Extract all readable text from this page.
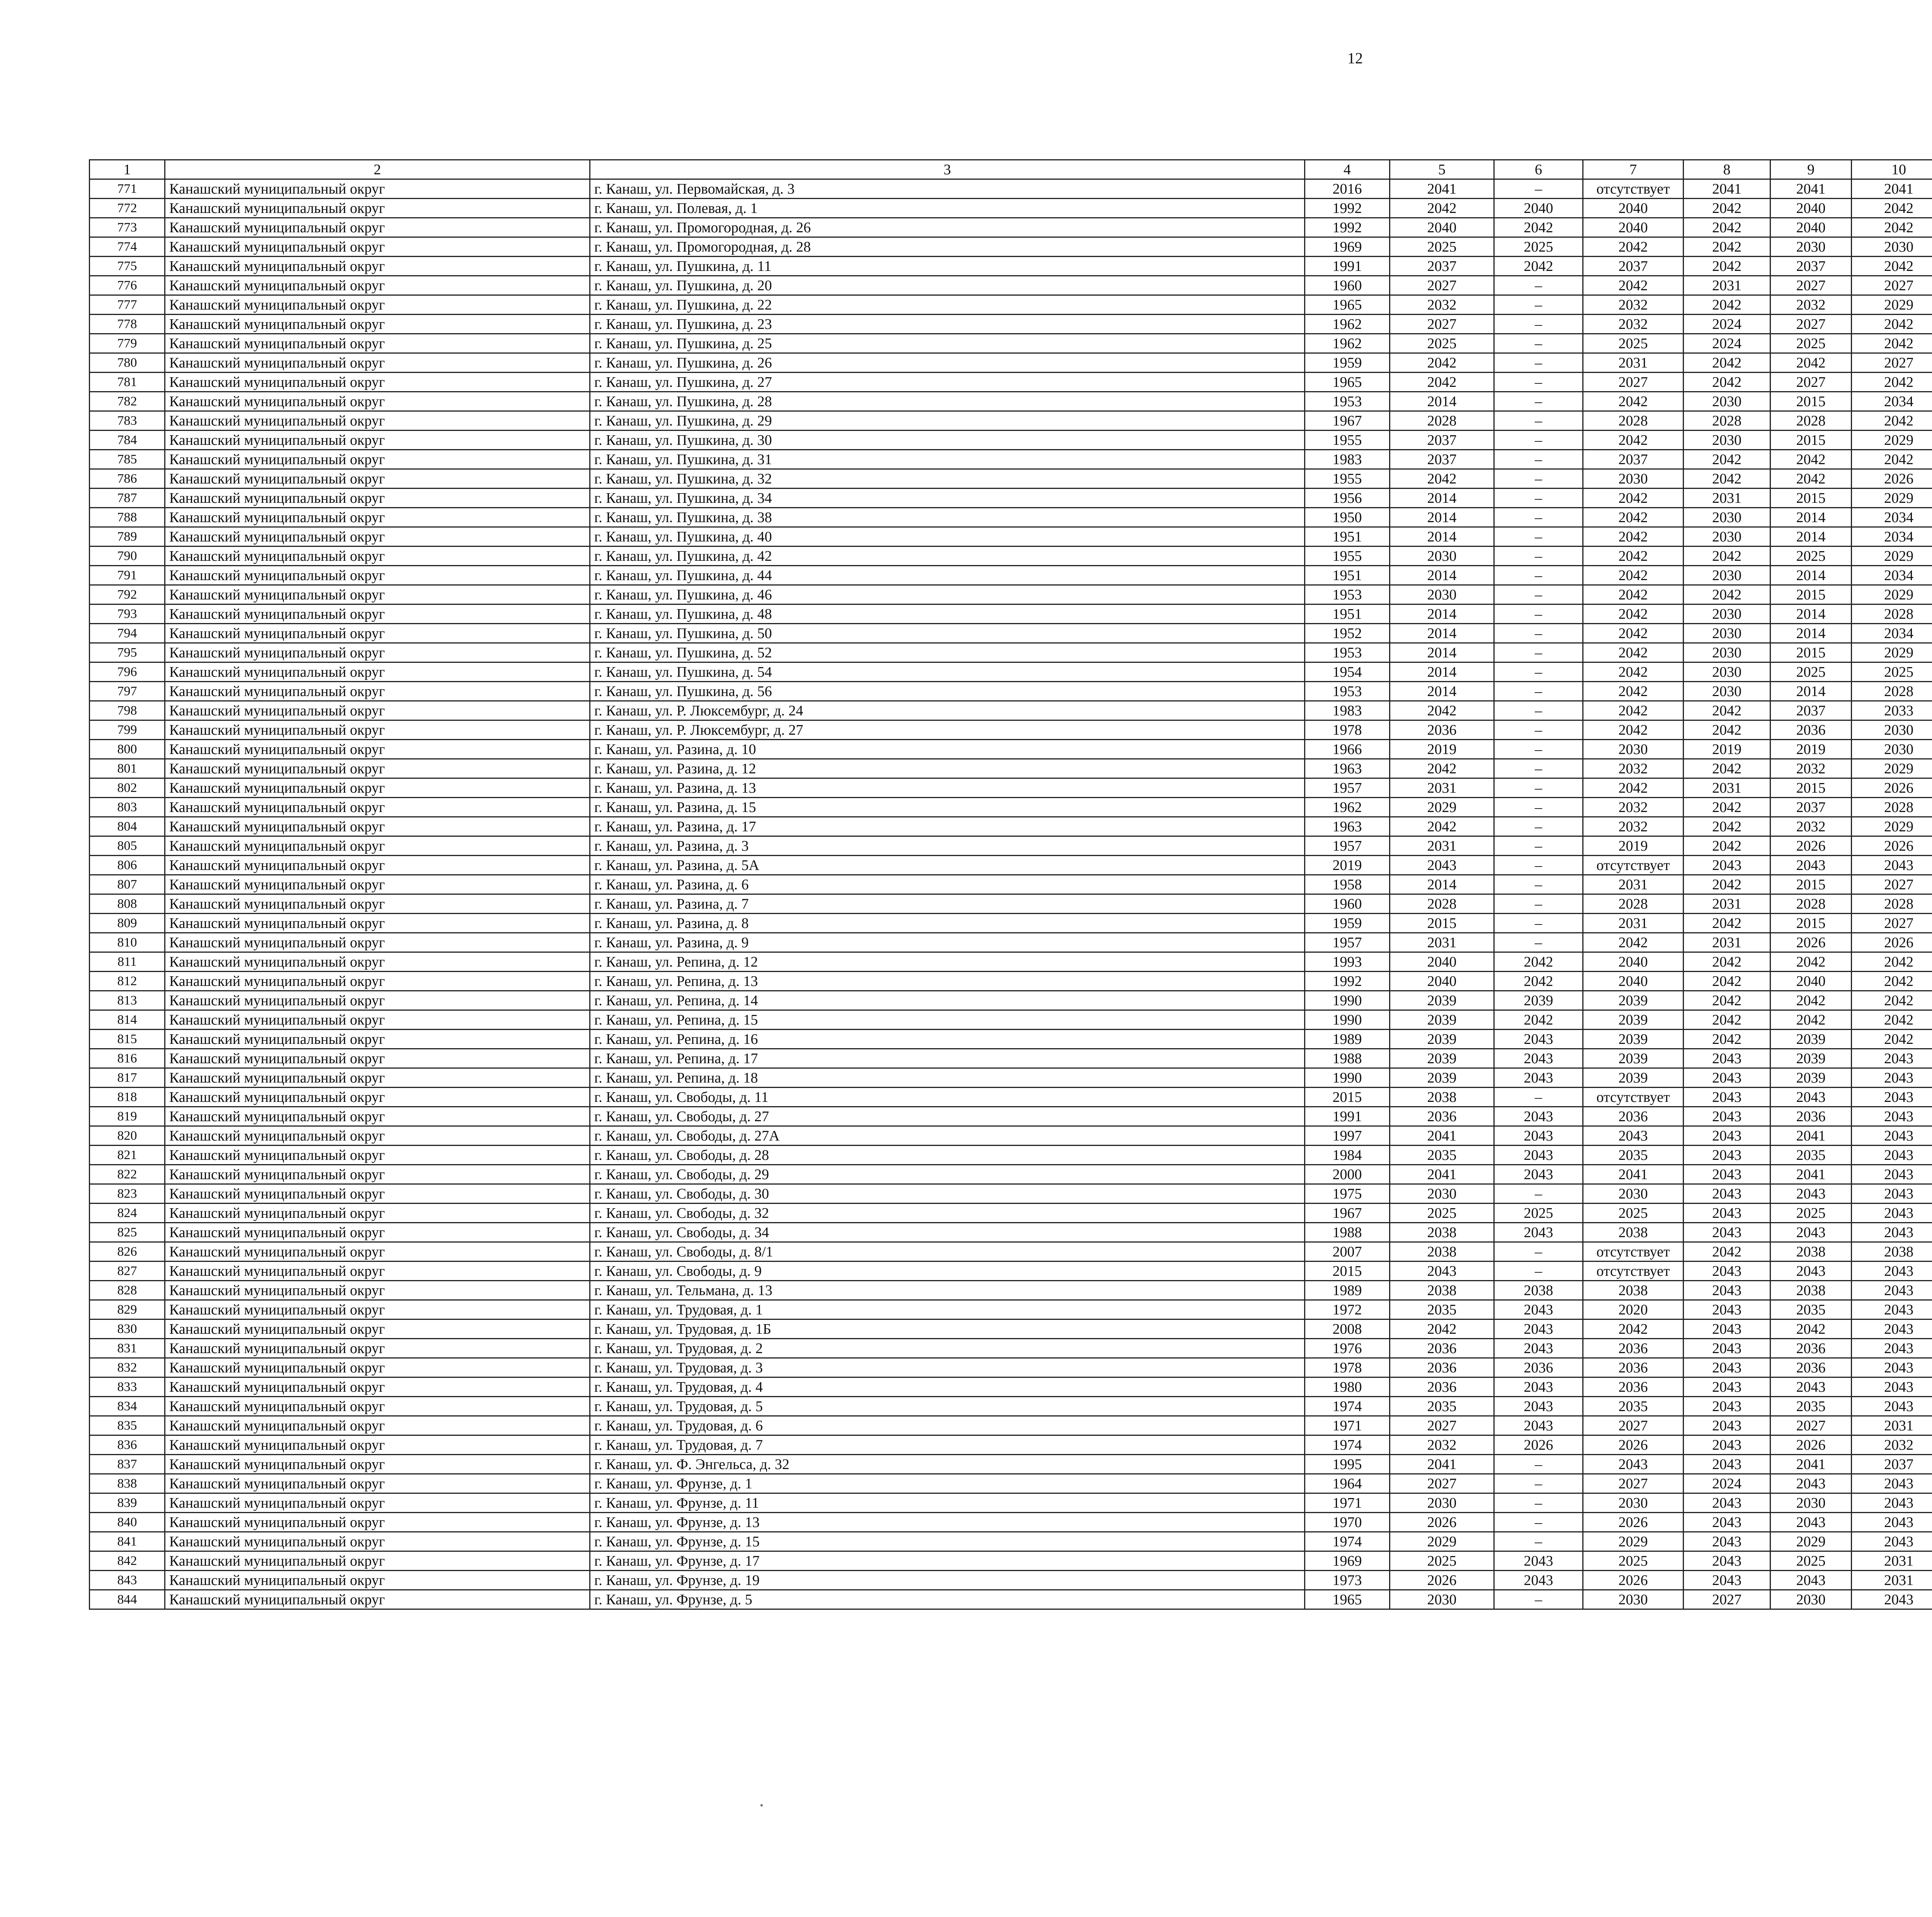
12
1	2	3	4	5	6	7	8	9	10							
771	Канашский муниципальный округ	г. Канаш, ул. Первомайская, д. 3	2016	2041	–	отсутствует	2041	2041	2041							
772	Канашский муниципальный округ	г. Канаш, ул. Полевая, д. 1	1992	2042	2040	2040	2042	2040	2042							
773	Канашский муниципальный округ	г. Канаш, ул. Промогородная, д. 26	1992	2040	2042	2040	2042	2040	2042							
774	Канашский муниципальный округ	г. Канаш, ул. Промогородная, д. 28	1969	2025	2025	2042	2042	2030	2030							
775	Канашский муниципальный округ	г. Канаш, ул. Пушкина, д. 11	1991	2037	2042	2037	2042	2037	2042							
776	Канашский муниципальный округ	г. Канаш, ул. Пушкина, д. 20	1960	2027	–	2042	2031	2027	2027							
777	Канашский муниципальный округ	г. Канаш, ул. Пушкина, д. 22	1965	2032	–	2032	2042	2032	2029							
778	Канашский муниципальный округ	г. Канаш, ул. Пушкина, д. 23	1962	2027	–	2032	2024	2027	2042							
779	Канашский муниципальный округ	г. Канаш, ул. Пушкина, д. 25	1962	2025	–	2025	2024	2025	2042							
780	Канашский муниципальный округ	г. Канаш, ул. Пушкина, д. 26	1959	2042	–	2031	2042	2042	2027							
781	Канашский муниципальный округ	г. Канаш, ул. Пушкина, д. 27	1965	2042	–	2027	2042	2027	2042							
782	Канашский муниципальный округ	г. Канаш, ул. Пушкина, д. 28	1953	2014	–	2042	2030	2015	2034							
783	Канашский муниципальный округ	г. Канаш, ул. Пушкина, д. 29	1967	2028	–	2028	2028	2028	2042							
784	Канашский муниципальный округ	г. Канаш, ул. Пушкина, д. 30	1955	2037	–	2042	2030	2015	2029							
785	Канашский муниципальный округ	г. Канаш, ул. Пушкина, д. 31	1983	2037	–	2037	2042	2042	2042							
786	Канашский муниципальный округ	г. Канаш, ул. Пушкина, д. 32	1955	2042	–	2030	2042	2042	2026							
787	Канашский муниципальный округ	г. Канаш, ул. Пушкина, д. 34	1956	2014	–	2042	2031	2015	2029							
788	Канашский муниципальный округ	г. Канаш, ул. Пушкина, д. 38	1950	2014	–	2042	2030	2014	2034							
789	Канашский муниципальный округ	г. Канаш, ул. Пушкина, д. 40	1951	2014	–	2042	2030	2014	2034							
790	Канашский муниципальный округ	г. Канаш, ул. Пушкина, д. 42	1955	2030	–	2042	2042	2025	2029							
791	Канашский муниципальный округ	г. Канаш, ул. Пушкина, д. 44	1951	2014	–	2042	2030	2014	2034							
792	Канашский муниципальный округ	г. Канаш, ул. Пушкина, д. 46	1953	2030	–	2042	2042	2015	2029							
793	Канашский муниципальный округ	г. Канаш, ул. Пушкина, д. 48	1951	2014	–	2042	2030	2014	2028							
794	Канашский муниципальный округ	г. Канаш, ул. Пушкина, д. 50	1952	2014	–	2042	2030	2014	2034							
795	Канашский муниципальный округ	г. Канаш, ул. Пушкина, д. 52	1953	2014	–	2042	2030	2015	2029							
796	Канашский муниципальный округ	г. Канаш, ул. Пушкина, д. 54	1954	2014	–	2042	2030	2025	2025							
797	Канашский муниципальный округ	г. Канаш, ул. Пушкина, д. 56	1953	2014	–	2042	2030	2014	2028							
798	Канашский муниципальный округ	г. Канаш, ул. Р. Люксембург, д. 24	1983	2042	–	2042	2042	2037	2033							
799	Канашский муниципальный округ	г. Канаш, ул. Р. Люксембург, д. 27	1978	2036	–	2042	2042	2036	2030							
800	Канашский муниципальный округ	г. Канаш, ул. Разина, д. 10	1966	2019	–	2030	2019	2019	2030							
801	Канашский муниципальный округ	г. Канаш, ул. Разина, д. 12	1963	2042	–	2032	2042	2032	2029							
802	Канашский муниципальный округ	г. Канаш, ул. Разина, д. 13	1957	2031	–	2042	2031	2015	2026							
803	Канашский муниципальный округ	г. Канаш, ул. Разина, д. 15	1962	2029	–	2032	2042	2037	2028							
804	Канашский муниципальный округ	г. Канаш, ул. Разина, д. 17	1963	2042	–	2032	2042	2032	2029							
805	Канашский муниципальный округ	г. Канаш, ул. Разина, д. 3	1957	2031	–	2019	2042	2026	2026							
806	Канашский муниципальный округ	г. Канаш, ул. Разина, д. 5А	2019	2043	–	отсутствует	2043	2043	2043							
807	Канашский муниципальный округ	г. Канаш, ул. Разина, д. 6	1958	2014	–	2031	2042	2015	2027							
808	Канашский муниципальный округ	г. Канаш, ул. Разина, д. 7	1960	2028	–	2028	2031	2028	2028							
809	Канашский муниципальный округ	г. Канаш, ул. Разина, д. 8	1959	2015	–	2031	2042	2015	2027							
810	Канашский муниципальный округ	г. Канаш, ул. Разина, д. 9	1957	2031	–	2042	2031	2026	2026							
811	Канашский муниципальный округ	г. Канаш, ул. Репина, д. 12	1993	2040	2042	2040	2042	2042	2042							
812	Канашский муниципальный округ	г. Канаш, ул. Репина, д. 13	1992	2040	2042	2040	2042	2040	2042							
813	Канашский муниципальный округ	г. Канаш, ул. Репина, д. 14	1990	2039	2039	2039	2042	2042	2042							
814	Канашский муниципальный округ	г. Канаш, ул. Репина, д. 15	1990	2039	2042	2039	2042	2042	2042							
815	Канашский муниципальный округ	г. Канаш, ул. Репина, д. 16	1989	2039	2043	2039	2042	2039	2042							
816	Канашский муниципальный округ	г. Канаш, ул. Репина, д. 17	1988	2039	2043	2039	2043	2039	2043							
817	Канашский муниципальный округ	г. Канаш, ул. Репина, д. 18	1990	2039	2043	2039	2043	2039	2043							
818	Канашский муниципальный округ	г. Канаш, ул. Свободы, д. 11	2015	2038	–	отсутствует	2043	2043	2043							
819	Канашский муниципальный округ	г. Канаш, ул. Свободы, д. 27	1991	2036	2043	2036	2043	2036	2043							
820	Канашский муниципальный округ	г. Канаш, ул. Свободы, д. 27А	1997	2041	2043	2043	2043	2041	2043							
821	Канашский муниципальный округ	г. Канаш, ул. Свободы, д. 28	1984	2035	2043	2035	2043	2035	2043							
822	Канашский муниципальный округ	г. Канаш, ул. Свободы, д. 29	2000	2041	2043	2041	2043	2041	2043							
823	Канашский муниципальный округ	г. Канаш, ул. Свободы, д. 30	1975	2030	–	2030	2043	2043	2043							
824	Канашский муниципальный округ	г. Канаш, ул. Свободы, д. 32	1967	2025	2025	2025	2043	2025	2043							
825	Канашский муниципальный округ	г. Канаш, ул. Свободы, д. 34	1988	2038	2043	2038	2043	2043	2043							
826	Канашский муниципальный округ	г. Канаш, ул. Свободы, д. 8/1	2007	2038	–	отсутствует	2042	2038	2038							
827	Канашский муниципальный округ	г. Канаш, ул. Свободы, д. 9	2015	2043	–	отсутствует	2043	2043	2043							
828	Канашский муниципальный округ	г. Канаш, ул. Тельмана, д. 13	1989	2038	2038	2038	2043	2038	2043							
829	Канашский муниципальный округ	г. Канаш, ул. Трудовая, д. 1	1972	2035	2043	2020	2043	2035	2043							
830	Канашский муниципальный округ	г. Канаш, ул. Трудовая, д. 1Б	2008	2042	2043	2042	2043	2042	2043							
831	Канашский муниципальный округ	г. Канаш, ул. Трудовая, д. 2	1976	2036	2043	2036	2043	2036	2043							
832	Канашский муниципальный округ	г. Канаш, ул. Трудовая, д. 3	1978	2036	2036	2036	2043	2036	2043							
833	Канашский муниципальный округ	г. Канаш, ул. Трудовая, д. 4	1980	2036	2043	2036	2043	2043	2043							
834	Канашский муниципальный округ	г. Канаш, ул. Трудовая, д. 5	1974	2035	2043	2035	2043	2035	2043							
835	Канашский муниципальный округ	г. Канаш, ул. Трудовая, д. 6	1971	2027	2043	2027	2043	2027	2031							
836	Канашский муниципальный округ	г. Канаш, ул. Трудовая, д. 7	1974	2032	2026	2026	2043	2026	2032							
837	Канашский муниципальный округ	г. Канаш, ул. Ф. Энгельса, д. 32	1995	2041	–	2043	2043	2041	2037							
838	Канашский муниципальный округ	г. Канаш, ул. Фрунзе, д. 1	1964	2027	–	2027	2024	2043	2043							
839	Канашский муниципальный округ	г. Канаш, ул. Фрунзе, д. 11	1971	2030	–	2030	2043	2030	2043							
840	Канашский муниципальный округ	г. Канаш, ул. Фрунзе, д. 13	1970	2026	–	2026	2043	2043	2043							
841	Канашский муниципальный округ	г. Канаш, ул. Фрунзе, д. 15	1974	2029	–	2029	2043	2029	2043							
842	Канашский муниципальный округ	г. Канаш, ул. Фрунзе, д. 17	1969	2025	2043	2025	2043	2025	2031							
843	Канашский муниципальный округ	г. Канаш, ул. Фрунзе, д. 19	1973	2026	2043	2026	2043	2043	2031							
844	Канашский муниципальный округ	г. Канаш, ул. Фрунзе, д. 5	1965	2030	–	2030	2027	2030	2043							
